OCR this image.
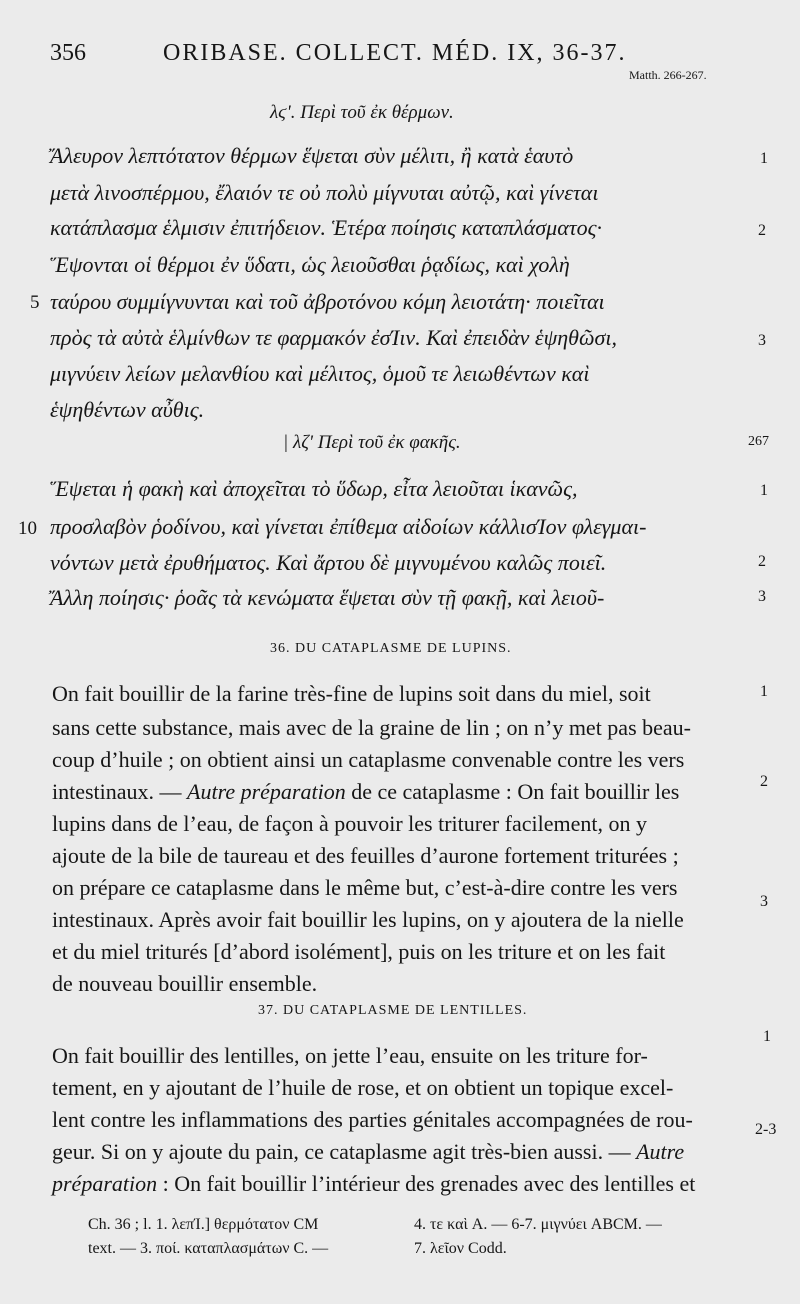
356	ORIBASE. COLLECT. MÉD. IX, 36-37.
Matth. 266-267.
λϛ'. Περὶ τοῦ ἐκ θέρμων.
Ἄλευρον λεπτότατον θέρμων ἕψεται σὺν μέλιτι, ἢ κατὰ ἑαυτὸ
μετὰ λινοσπέρμου, ἔλαιόν τε οὐ πολὺ μίγνυται αὐτῷ, καὶ γίνεται
κατάπλασμα ἑλμισιν ἐπιτήδειον. Ἑτέρα ποίησις καταπλάσματος·
Ἕψονται οἱ θέρμοι ἐν ὕδατι, ὡς λειοῦσθαι ῥᾳδίως, καὶ χολὴ
ταύρου συμμίγνυνται καὶ τοῦ ἀβροτόνου κόμη λειοτάτη· ποιεῖται
πρὸς τὰ αὐτὰ ἑλμίνθων τε φαρμακόν ἐσΊιν. Καὶ ἐπειδὰν ἑψηθῶσι,
μιγνύειν λείων μελανθίου καὶ μέλιτος, ὁμοῦ τε λειωθέντων καὶ
ἑψηθέντων αὖθις.
| λζ' Περὶ τοῦ ἐκ φακῆς.	267
Ἕψεται ἡ φακὴ καὶ ἀποχεῖται τὸ ὕδωρ, εἶτα λειοῦται ἱκανῶς,
προσλαβὸν ῥοδίνου, καὶ γίνεται ἐπίθεμα αἰδοίων κάλλισΊον φλεγμαι-
νόντων μετὰ ἐρυθήματος. Καὶ ἄρτου δὲ μιγνυμένου καλῶς ποιεῖ.
Ἄλλη ποίησις· ῥοᾶς τὰ κενώματα ἕψεται σὺν τῇ φακῇ, καὶ λειοῦ-
36. DU CATAPLASME DE LUPINS.
On fait bouillir de la farine très-fine de lupins soit dans du miel, soit
sans cette substance, mais avec de la graine de lin ; on n’y met pas beau-
coup d’huile ; on obtient ainsi un cataplasme convenable contre les vers
intestinaux. — Autre préparation de ce cataplasme : On fait bouillir les
lupins dans de l’eau, de façon à pouvoir les triturer facilement, on y
ajoute de la bile de taureau et des feuilles d’aurone fortement triturées ;
on prépare ce cataplasme dans le même but, c’est-à-dire contre les vers
intestinaux. Après avoir fait bouillir les lupins, on y ajoutera de la nielle
et du miel triturés [d’abord isolément], puis on les triture et on les fait
de nouveau bouillir ensemble.
37. DU CATAPLASME DE LENTILLES.
On fait bouillir des lentilles, on jette l’eau, ensuite on les triture for-
tement, en y ajoutant de l’huile de rose, et on obtient un topique excel-
lent contre les inflammations des parties génitales accompagnées de rou-
geur. Si on y ajoute du pain, ce cataplasme agit très-bien aussi. — Autre
préparation : On fait bouillir l’intérieur des grenades avec des lentilles et
1
2
3
1
2
3
1
2
3
1
2-3
5
10
Ch. 36 ; l. 1. λεπΊ.] θερμότατον CM	4. τε καὶ A. — 6-7. μιγνύει ABCM. —
text. — 3. ποί. καταπλασμάτων C. —	7. λεῖον Codd.
